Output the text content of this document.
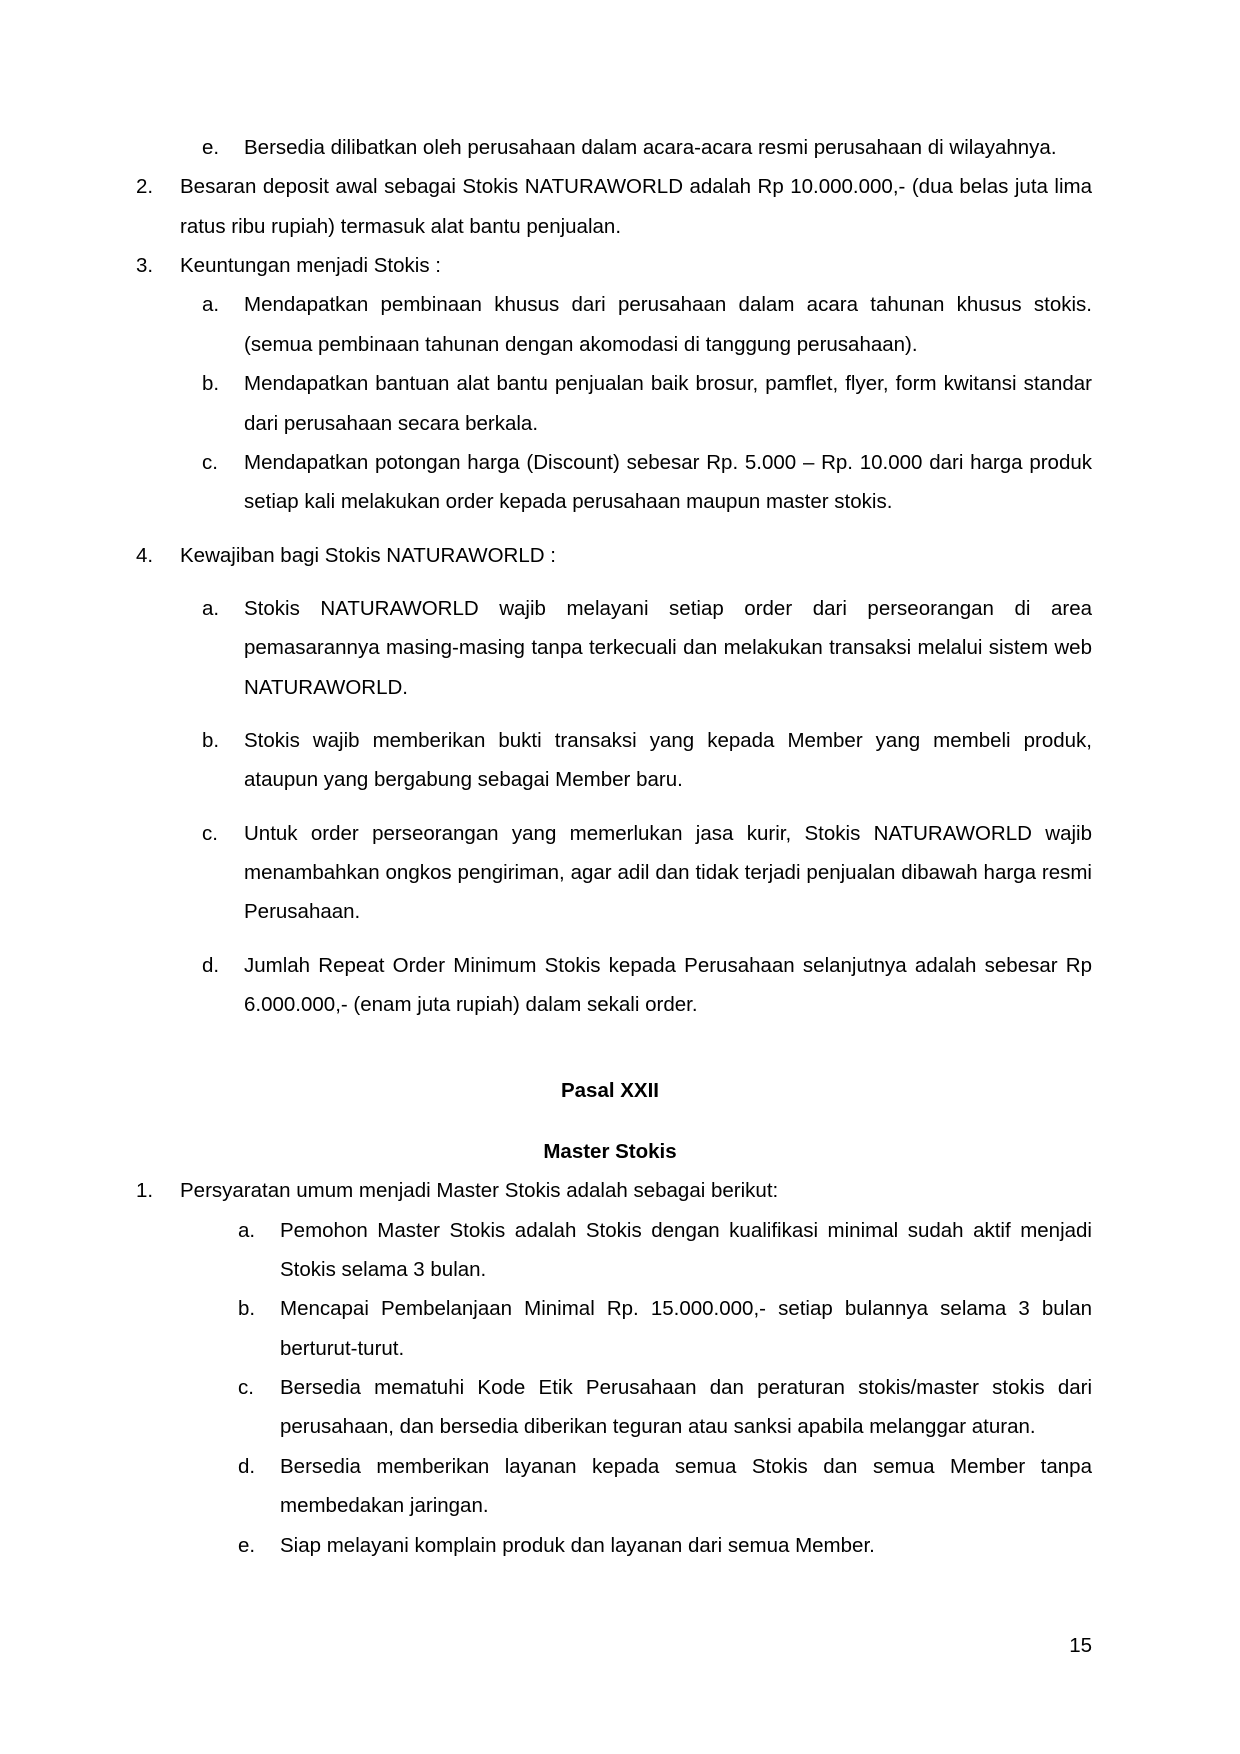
e.	Bersedia dilibatkan oleh perusahaan dalam acara-acara resmi perusahaan di wilayahnya.
2.	Besaran deposit awal sebagai Stokis NATURAWORLD adalah Rp 10.000.000,- (dua belas juta lima ratus ribu rupiah) termasuk alat bantu penjualan.
3.	Keuntungan menjadi Stokis :
a.	Mendapatkan pembinaan khusus dari perusahaan dalam acara tahunan khusus stokis. (semua pembinaan tahunan dengan akomodasi di tanggung perusahaan).
b.	Mendapatkan bantuan alat bantu penjualan baik brosur, pamflet, flyer, form kwitansi standar dari perusahaan secara berkala.
c.	Mendapatkan potongan harga (Discount) sebesar Rp. 5.000 – Rp. 10.000 dari harga produk setiap kali melakukan order kepada perusahaan maupun master stokis.
4.	Kewajiban bagi Stokis NATURAWORLD :
a.	Stokis NATURAWORLD wajib melayani setiap order dari perseorangan di area pemasarannya masing-masing tanpa terkecuali dan melakukan transaksi melalui sistem web NATURAWORLD.
b.	Stokis wajib memberikan bukti transaksi yang kepada Member yang membeli produk, ataupun yang bergabung sebagai Member baru.
c.	Untuk order perseorangan yang memerlukan jasa kurir, Stokis NATURAWORLD wajib menambahkan ongkos pengiriman, agar adil dan tidak terjadi penjualan dibawah harga resmi Perusahaan.
d.	Jumlah Repeat Order Minimum Stokis kepada Perusahaan selanjutnya adalah sebesar Rp 6.000.000,- (enam juta rupiah) dalam sekali order.
Pasal XXII
Master Stokis
1.	Persyaratan umum menjadi Master Stokis adalah sebagai berikut:
a.	Pemohon Master Stokis adalah Stokis dengan kualifikasi minimal sudah aktif menjadi Stokis selama 3 bulan.
b.	Mencapai Pembelanjaan Minimal Rp. 15.000.000,- setiap bulannya selama 3 bulan berturut-turut.
c.	Bersedia mematuhi Kode Etik Perusahaan dan peraturan stokis/master stokis dari perusahaan, dan bersedia diberikan teguran atau sanksi apabila melanggar aturan.
d.	Bersedia memberikan layanan kepada semua Stokis dan semua Member tanpa membedakan jaringan.
e.	Siap melayani komplain produk dan layanan dari semua Member.
15
